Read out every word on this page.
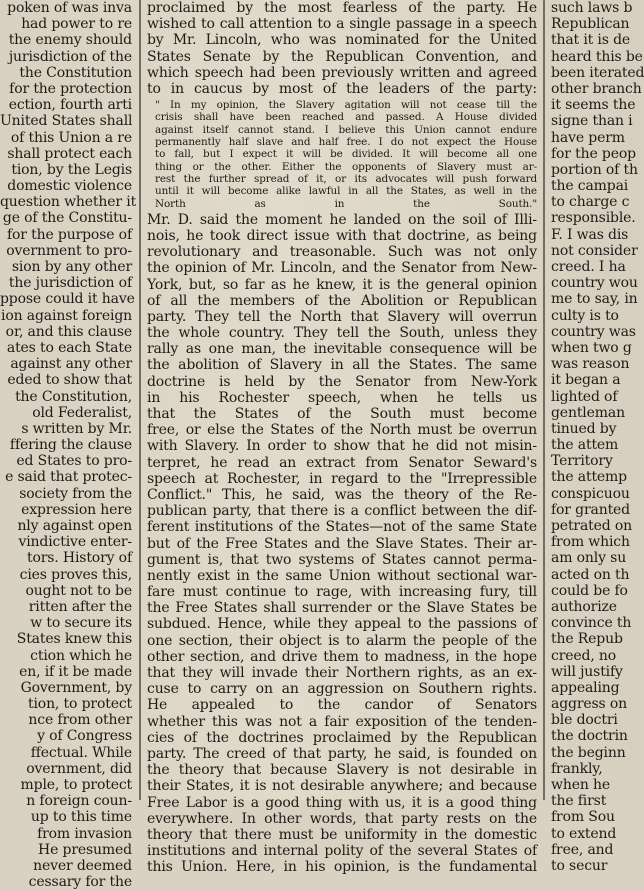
poken of was inva
had power to re
the enemy should
jurisdiction of the
the Constitution
for the protection
ection, fourth arti
United States shall
of this Union a re
shall protect each
tion, by the Legis
domestic violence
question whether it
ge of the Constitu-
for the purpose of
overnment to pro-
sion by any other
the jurisdiction of
ppose could it have
ion against foreign
or, and this clause
ates to each State
against any other
eded to show that
the Constitution,
old Federalist,
s written by Mr.
ffering the clause
ed States to pro-
e said that protec-
society from the
expression here
nly against open
vindictive enter-
tors. History of
cies proves this,
ought not to be
ritten after the
w to secure its
States knew this
ction which he
en, if it be made
Government, by
tion, to protect
nce from other
y of Congress
ffectual. While
overnment, did
mple, to protect
n foreign coun-
up to this time
from invasion
He presumed
never deemed
cessary for the
proclaimed by the most fearless of the party. He
wished to call attention to a single passage in a speech
by Mr. Lincoln, who was nominated for the United
States Senate by the Republican Convention, and
which speech had been previously written and agreed
to in caucus by most of the leaders of the party:
" In my opinion, the Slavery agitation will not cease till the
crisis shall have been reached and passed. A House divided
against itself cannot stand. I believe this Union cannot endure
permanently half slave and half free. I do not expect the House
to fall, but I expect it will be divided. It will become all one
thing or the other. Either the opponents of Slavery must ar-
rest the further spread of it, or its advocates will push forward
until it will become alike lawful in all the States, as well in the
North as in the South."
Mr. D. said the moment he landed on the soil of Illi-
nois, he took direct issue with that doctrine, as being
revolutionary and treasonable. Such was not only
the opinion of Mr. Lincoln, and the Senator from New-
York, but, so far as he knew, it is the general opinion
of all the members of the Abolition or Republican
party. They tell the North that Slavery will overrun
the whole country. They tell the South, unless they
rally as one man, the inevitable consequence will be
the abolition of Slavery in all the States. The same
doctrine is held by the Senator from New-York
in his Rochester speech, when he tells us
that the States of the South must become
free, or else the States of the North must be overrun
with Slavery. In order to show that he did not misin-
terpret, he read an extract from Senator Seward's
speech at Rochester, in regard to the "Irrepressible
Conflict." This, he said, was the theory of the Re-
publican party, that there is a conflict between the dif-
ferent institutions of the States—not of the same State
but of the Free States and the Slave States. Their ar-
gument is, that two systems of States cannot perma-
nently exist in the same Union without sectional war-
fare must continue to rage, with increasing fury, till
the Free States shall surrender or the Slave States be
subdued. Hence, while they appeal to the passions of
one section, their object is to alarm the people of the
other section, and drive them to madness, in the hope
that they will invade their Northern rights, as an ex-
cuse to carry on an aggression on Southern rights.
He appealed to the candor of Senators
whether this was not a fair exposition of the tenden-
cies of the doctrines proclaimed by the Republican
party. The creed of that party, he said, is founded on
the theory that because Slavery is not desirable in
their States, it is not desirable anywhere; and because
Free Labor is a good thing with us, it is a good thing
everywhere. In other words, that party rests on the
theory that there must be uniformity in the domestic
institutions and internal polity of the several States of
this Union. Here, in his opinion, is the fundamental
such laws b
Republican
that it is de
heard this be
been iterated
other branch
it seems the
signe than i
have perm
for the peop
portion of th
the campai
to charge c
responsible.
F. I was dis
not consider
creed. I ha
country wou
me to say, in
culty is to
country was
when two g
was reason
it began a
lighted of
gentleman
tinued by
the attem
Territory
the attemp
conspicuou
for granted
petrated on
from which
am only su
acted on th
could be fo
authorize
convince th
the Repub
creed, no
will justify
appealing
aggress on
ble doctri
the doctrin
the beginn
frankly,
when he
the first
from Sou
to extend
free, and
to secur
